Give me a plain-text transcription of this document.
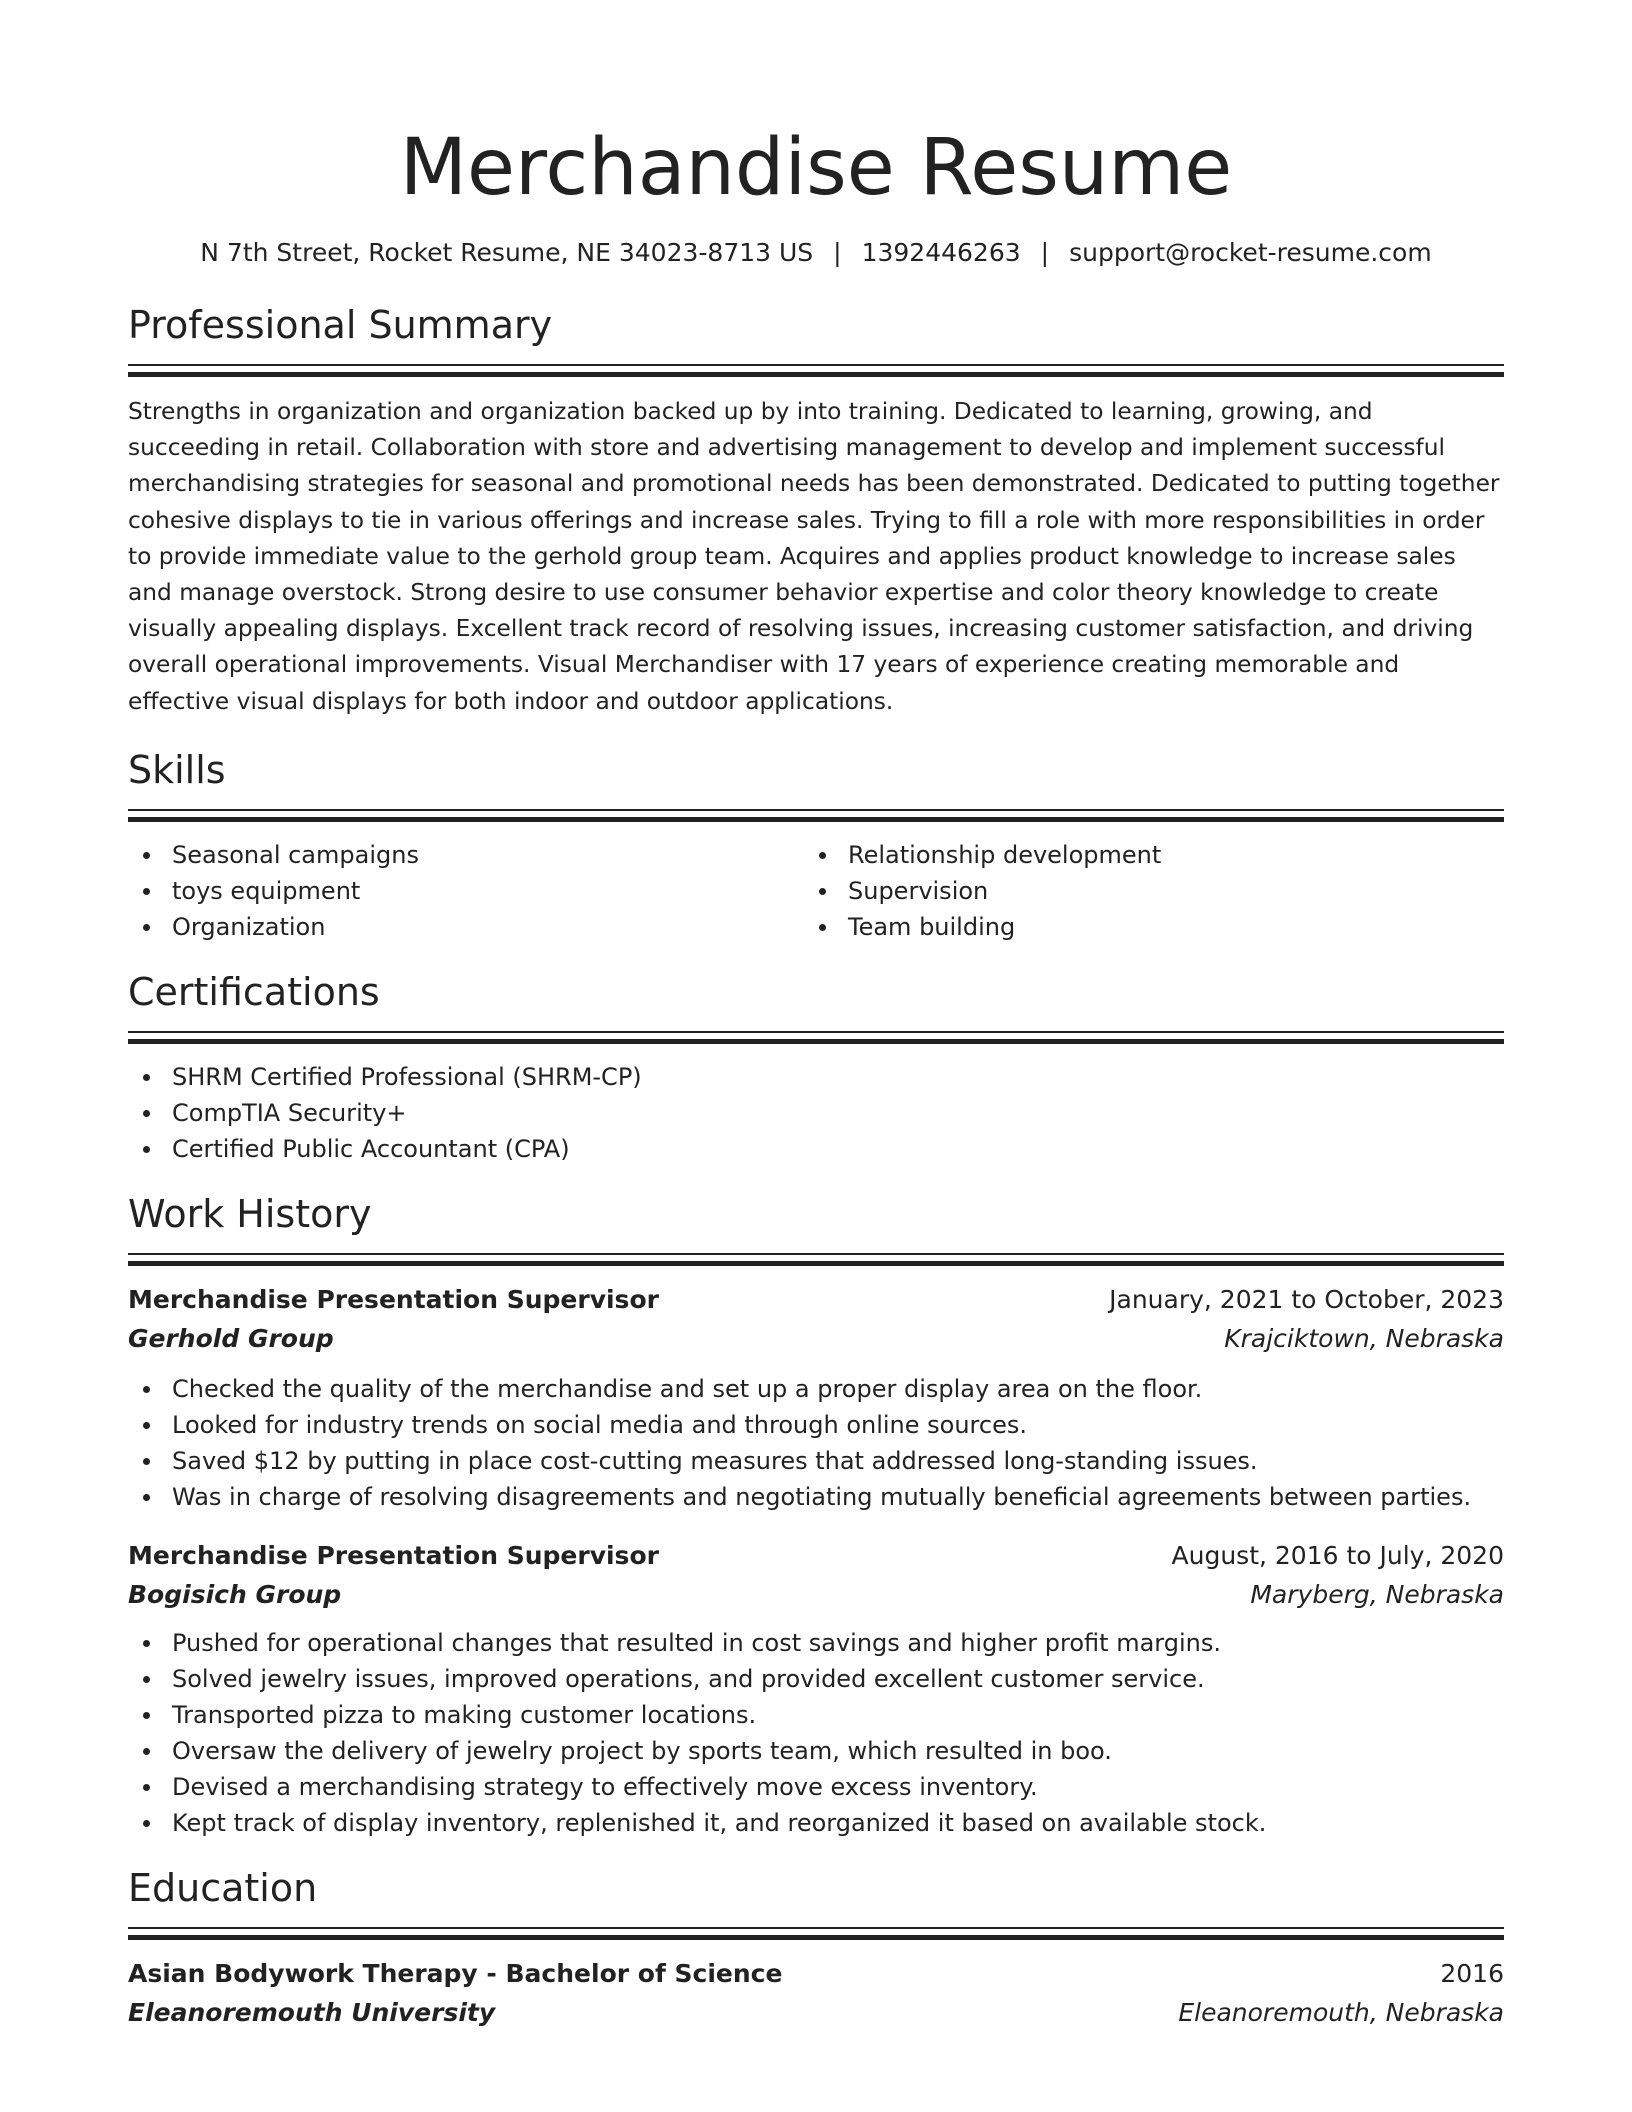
Merchandise Resume
N 7th Street, Rocket Resume, NE 34023-8713 US | 1392446263 | support@rocket-resume.com
Professional Summary
Strengths in organization and organization backed up by into training. Dedicated to learning, growing, and succeeding in retail. Collaboration with store and advertising management to develop and implement successful merchandising strategies for seasonal and promotional needs has been demonstrated. Dedicated to putting together cohesive displays to tie in various offerings and increase sales. Trying to fill a role with more responsibilities in order to provide immediate value to the gerhold group team. Acquires and applies product knowledge to increase sales and manage overstock. Strong desire to use consumer behavior expertise and color theory knowledge to create visually appealing displays. Excellent track record of resolving issues, increasing customer satisfaction, and driving overall operational improvements. Visual Merchandiser with 17 years of experience creating memorable and effective visual displays for both indoor and outdoor applications.
Skills
Seasonal campaigns
toys equipment
Organization
Relationship development
Supervision
Team building
Certifications
SHRM Certified Professional (SHRM-CP)
CompTIA Security+
Certified Public Accountant (CPA)
Work History
Merchandise Presentation Supervisor	January, 2021 to October, 2023
Gerhold Group	Krajciktown, Nebraska
Checked the quality of the merchandise and set up a proper display area on the floor.
Looked for industry trends on social media and through online sources.
Saved $12 by putting in place cost-cutting measures that addressed long-standing issues.
Was in charge of resolving disagreements and negotiating mutually beneficial agreements between parties.
Merchandise Presentation Supervisor	August, 2016 to July, 2020
Bogisich Group	Maryberg, Nebraska
Pushed for operational changes that resulted in cost savings and higher profit margins.
Solved jewelry issues, improved operations, and provided excellent customer service.
Transported pizza to making customer locations.
Oversaw the delivery of jewelry project by sports team, which resulted in boo.
Devised a merchandising strategy to effectively move excess inventory.
Kept track of display inventory, replenished it, and reorganized it based on available stock.
Education
Asian Bodywork Therapy - Bachelor of Science	2016
Eleanoremouth University	Eleanoremouth, Nebraska
